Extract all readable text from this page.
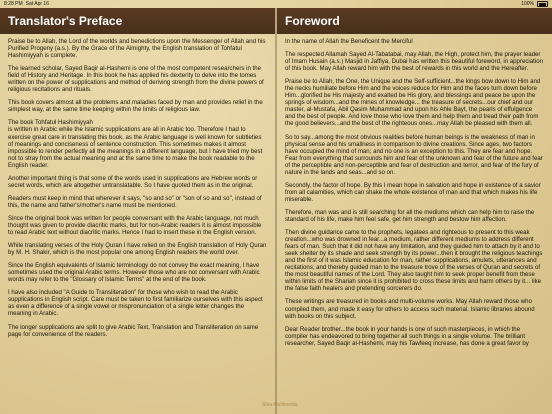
8:28 PM Sat Apr 16	100%
Translator's Preface

Praise be to Allah, the Lord of the worlds and benedictions upon the Messenger of Allah and his Purified Progeny (a.s.). By the Grace of the Almighty, the English translation of Tohfatul Hashimiyyah is complete.

The learned scholar, Sayed Baqir al-Hashemi is one of the most competent researchers in the field of History and Heritage. In this book he has applied his dexterity to delve into the tomes written on the power of supplications and method of deriving strength from the divine powers of religious recitations and rituals.

This book covers almost all the problems and maladies faced by man and provides relief in the simplest way, at the same time keeping within the limits of religious law.

The book Tohfatul Hashimiyyah
is written in Arabic while the Islamic supplications are all in Arabic too. Therefore I had to exercise great care in translating this book, as the Arabic language is well known for subtleties of meanings and conciseness of sentence construction. This sometimes makes it almost impossible to render perfectly all the meanings in a different language, but I have tried my best not to stray from the actual meaning and at the same time to make the book readable to the English reader.

Another important thing is that some of the words used in supplications are Hebrew words or secret words, which are altogether untranslatable. So I have quoted them as in the original.

Readers must keep in mind that wherever it says, "so and so" or "son of so and so", instead of this, the name and father's/mother's name must be mentioned.

Since the original book was written for people conversant with the Arabic language, not much thought was given to provide diacritic marks, but for non-Arabic readers it is almost impossible to read Arabic text without diacritic marks. Hence I had to insert these in the English version.

While translating verses of the Holy Quran I have relied on the English translation of Holy Quran by M. H. Shakir, which is the most popular one among English readers the world over.

Since the English equivalents of Islamic terminology do not convey the exact meaning, I have sometimes used the original Arabic terms. However those who are not conversant with Arabic words may refer to the "Glossary of Islamic Terms" at the end of the book.

I have also included "A Guide to Transliteration" for those who wish to read the Arabic supplications in English script. Care must be taken to first familiarize ourselves with this aspect as even a difference of a single vowel or mispronunciation of a single letter changes the meaning in Arabic.

The longer supplications are split to give Arabic Text, Translation and Transliteration on same page for convenience of the readers.

Foreword

In the name of Allah the Beneficent the Merciful

The respected Allamah Sayed Al-Tabatabai, may Allah, the High, protect him, the prayer leader of Imam Husain (a.s.) Masjid in Jaffiya, Dubai has written this beautiful foreword, in appreciation of this book. May Allah reward him with the best of rewards in this world and the Hereafter.

Praise be to Allah, the One, the Unique and the Self-sufficient...the kings bow down to Him and the necks humiliate before Him and the voices reduce for Him and the faces turn down before Him...glorified be His majesty and exalted be His glory, and blessings and peace be upon the springs of wisdom...and the mines of knowledge... the treasure of secrets...our chief and our master, al-Mustafa, Abil Qasim Muhammad and upon his Ahle Bayt, the pearls of effulgence and the best of people. And love those who love them and help them and tread their path from the good believers...and the best of the righteous ones...may Allah be pleased with them all.

So to say...among the most obvious realities before human beings is the weakness of man in physical sense and his smallness in comparison to divine creations. Since ages, two factors have occupied the mind of man; and no one is an exception to this. They are fear and hope. Fear from everything that surrounds him and fear of the unknown and fear of the future and fear of the perceptible and non-perceptible and fear of destruction and terror, and fear of the fury of nature in the lands and seas...and so on.

Secondly, the factor of hope. By this I mean hope in salvation and hope in existence of a savior from all calamities, which can shake the whole existence of man and that which makes his life miserable.

Therefore, man was and is still searching for all the mediums which can help him to raise the standard of his life, make him feel safe, get him strength and bestow him affection.

Then divine guidance came to the prophets, legatees and righteous to present to this weak creation...who was drowned in fear...a medium, rather different mediums to address different fears of man. Such that it did not have any limitation, and they guided him to attach by it and to seek shelter by its shade and seek strength by its power...then it brought the religious teachings and the first of it was Islamic education for man, rather supplications, amulets, utterances and recitations; and thereby guided man to the treasure trove of the verses of Quran and secrets of the most beautiful names of the Lord. They also taught him to seek proper benefit from these within limits of the Shariah since it is prohibited to cross these limits and harm others by it... like the false faith healers and pretending sorcerers do.

These writings are treasured in books and multi-volume works. May Allah reward those who compiled them, and made it easy for others to access such material. Islamic libraries abound with books on this subject.

Dear Reader brother...the book in your hands is one of such masterpieces, in which the compiler has endeavored to bring together all such things in a single volume. The brilliant researcher, Sayed Baqir al-Hashemi, may his Tawfeeq increase, has done a great favor by

Shia Multimedia
